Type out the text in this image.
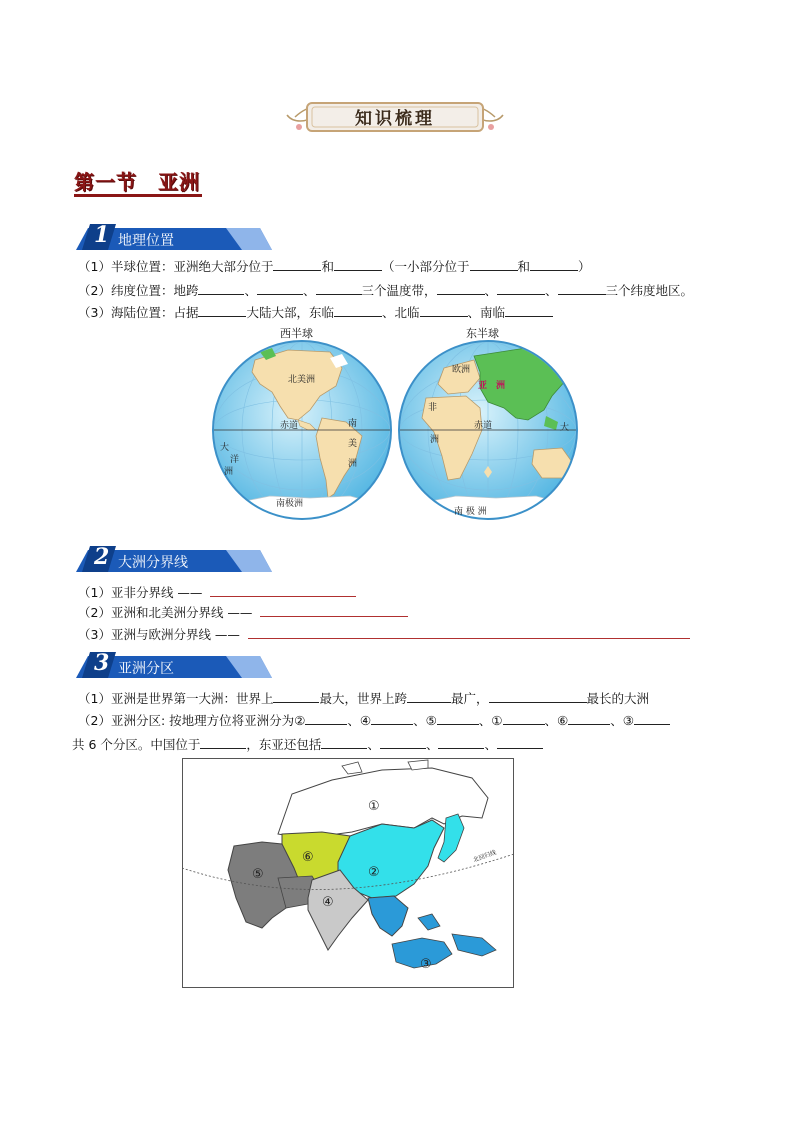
知识梳理
第一节　亚洲
1 地理位置
（1）半球位置：亚洲绝大部分位于	和	（一小部分位于	和	）
（2）纬度位置：地跨	、	、	三个温度带，	、	、	三个纬度地区。
（3）海陆位置：占据	大陆大部，东临	、北临	、南临
西半球	东半球
北美洲
赤道	南
美
洲
南极洲
大
洋
洲
欧洲
亚　洲
非
洲
赤道	大
南 极 洲
2 大洲分界线
（1）亚非分界线 ——
（2）亚洲和北美洲分界线 ——
（3）亚洲与欧洲分界线 ——
3 亚洲分区
（1）亚洲是世界第一大洲：世界上	最大，世界上跨	最广，	最长的大洲
（2）亚洲分区: 按地理方位将亚洲分为②	、④	、⑤	、①	、⑥	、③
共 6 个分区。中国位于	，东亚还包括	、	、	、
北回归线
①
②
③
④
⑤
⑥
